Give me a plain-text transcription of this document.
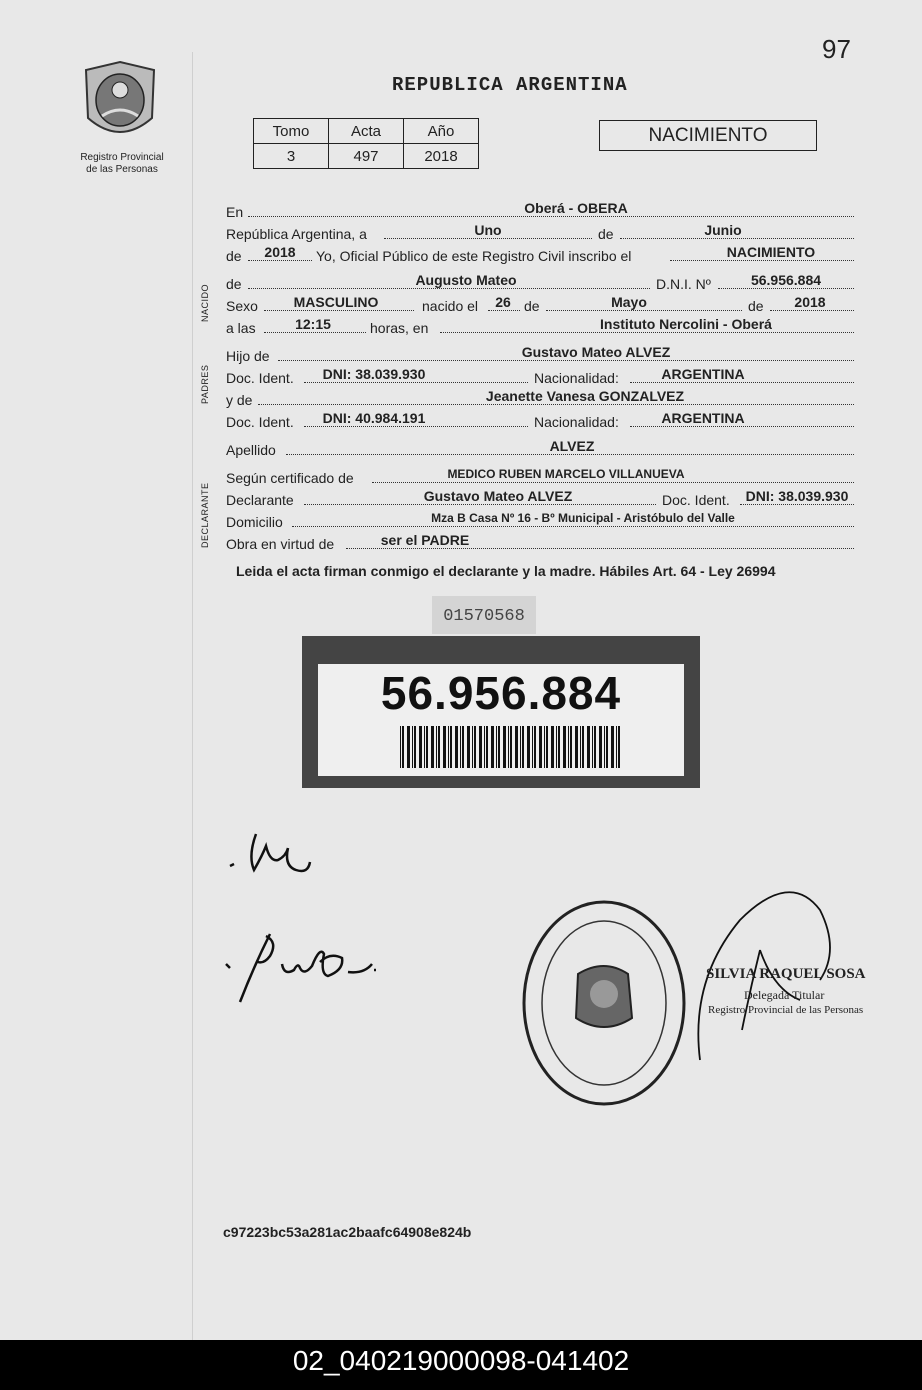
97
Registro Provincial
de las Personas
REPUBLICA ARGENTINA
Tomo	Acta	Año
3	497	2018
NACIMIENTO
NACIDO
PADRES
DECLARANTE
En	Oberá - OBERA
República Argentina, a	Uno	de	Junio
de	2018	Yo, Oficial Público de este Registro Civil inscribo el	NACIMIENTO
de	Augusto Mateo	D.N.I. Nº	56.956.884
Sexo	MASCULINO	nacido el	26 de	Mayo	de	2018
a las	12:15	horas, en	Instituto Nercolini - Oberá
Hijo de	Gustavo Mateo ALVEZ
Doc. Ident.	DNI: 38.039.930	Nacionalidad:	ARGENTINA
y de	Jeanette Vanesa GONZALVEZ
Doc. Ident.	DNI: 40.984.191	Nacionalidad:	ARGENTINA
Apellido	ALVEZ
Según certificado de	MEDICO RUBEN MARCELO VILLANUEVA
Declarante	Gustavo Mateo ALVEZ	Doc. Ident.	DNI: 38.039.930
Domicilio	Mza B Casa Nº 16 - Bº Municipal - Aristóbulo del Valle
Obra en virtud de	ser el PADRE
Leida el acta firman conmigo el declarante y la madre. Hábiles Art. 64 - Ley 26994
01570568
56.956.884
SILVIA RAQUEL SOSA
Delegada Titular
Registro Provincial de las Personas
c97223bc53a281ac2baafc64908e824b
02_040219000098-041402
